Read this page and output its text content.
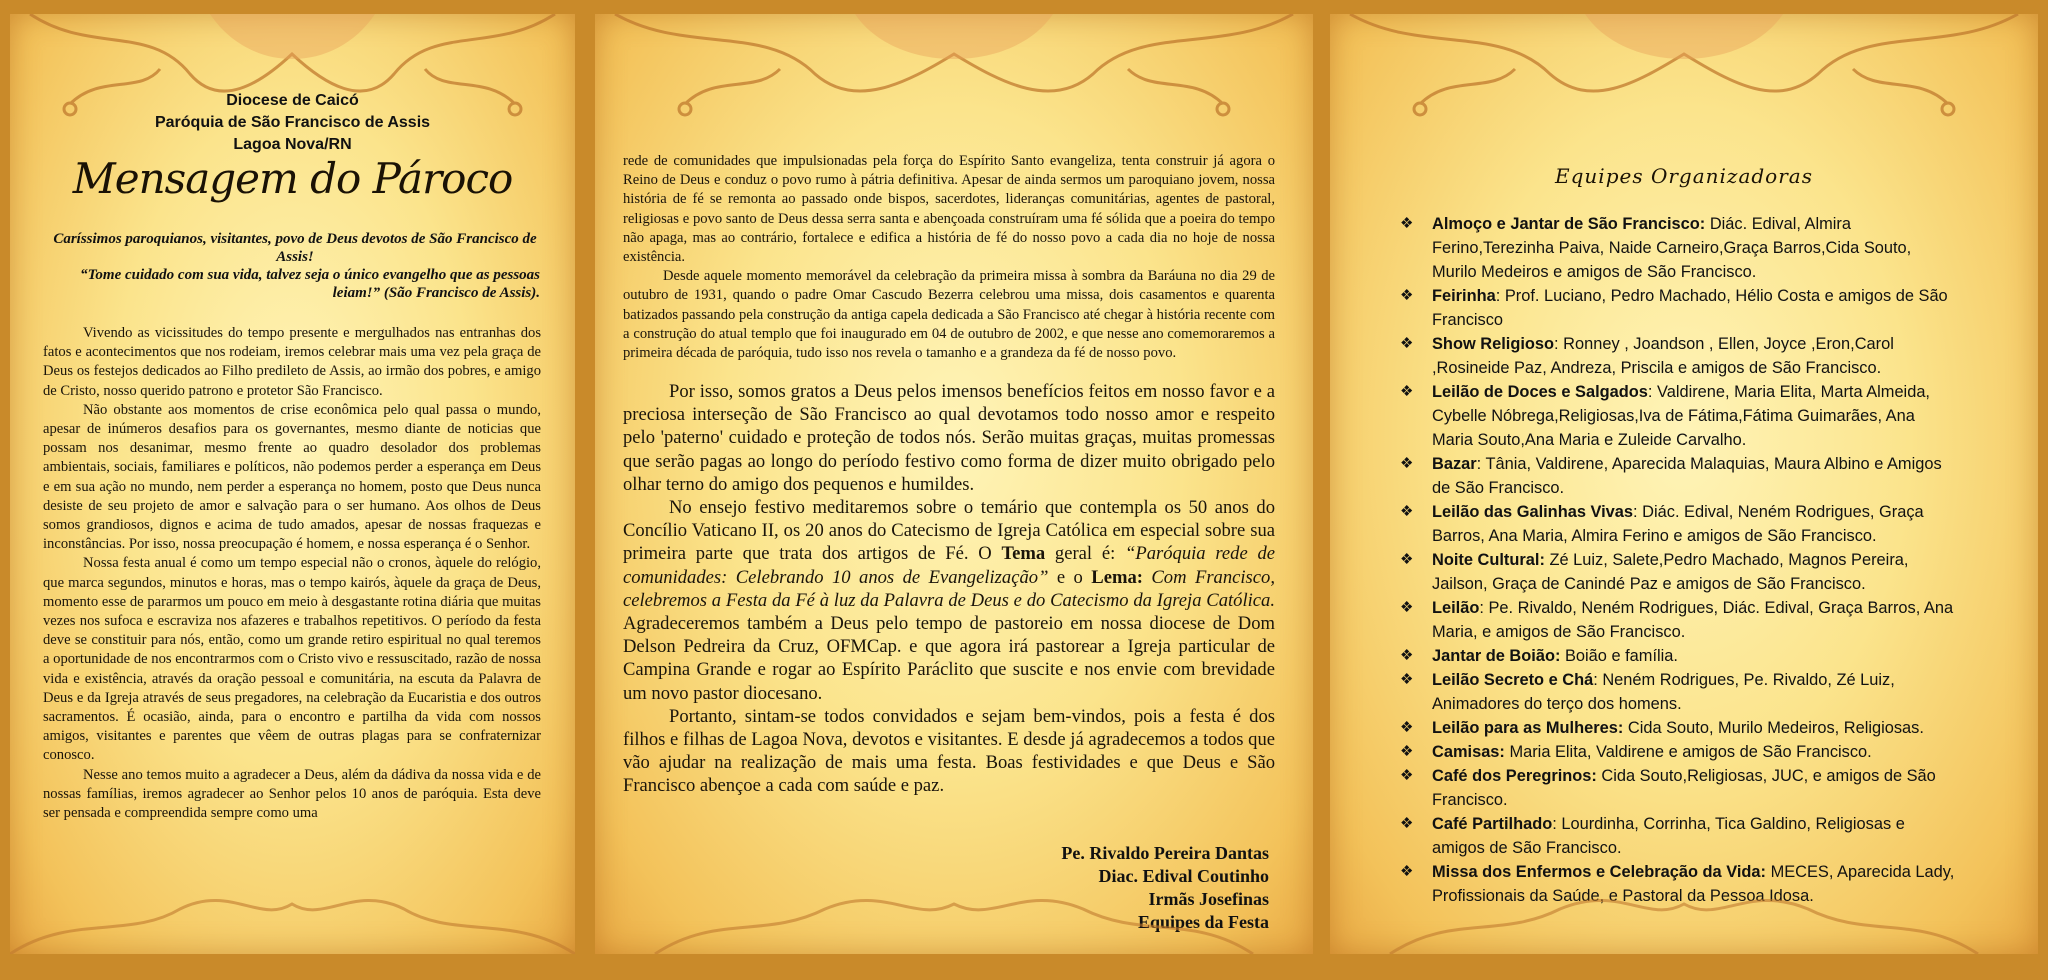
Diocese de Caicó
Paróquia de São Francisco de Assis
Lagoa Nova/RN
Mensagem do Pároco
Caríssimos paroquianos, visitantes, povo de Deus devotos de São Francisco de Assis!
“Tome cuidado com sua vida, talvez seja o único evangelho que as pessoas leiam!” (São Francisco de Assis).

Vivendo as vicissitudes do tempo presente e mergulhados nas entranhas dos fatos e acontecimentos que nos rodeiam, iremos celebrar mais uma vez pela graça de Deus os festejos dedicados ao Filho predileto de Assis, ao irmão dos pobres, e amigo de Cristo, nosso querido patrono e protetor São Francisco.

Não obstante aos momentos de crise econômica pelo qual passa o mundo, apesar de inúmeros desafios para os governantes, mesmo diante de noticias que possam nos desanimar, mesmo frente ao quadro desolador dos problemas ambientais, sociais, familiares e políticos, não podemos perder a esperança em Deus e em sua ação no mundo, nem perder a esperança no homem, posto que Deus nunca desiste de seu projeto de amor e salvação para o ser humano. Aos olhos de Deus somos grandiosos, dignos e acima de tudo amados, apesar de nossas fraquezas e inconstâncias. Por isso, nossa preocupação é homem, e nossa esperança é o Senhor.

Nossa festa anual é como um tempo especial não o cronos, àquele do relógio, que marca segundos, minutos e horas, mas o tempo kairós, àquele da graça de Deus, momento esse de pararmos um pouco em meio à desgastante rotina diária que muitas vezes nos sufoca e escraviza nos afazeres e trabalhos repetitivos. O período da festa deve se constituir para nós, então, como um grande retiro espiritual no qual teremos a oportunidade de nos encontrarmos com o Cristo vivo e ressuscitado, razão de nossa vida e existência, através da oração pessoal e comunitária, na escuta da Palavra de Deus e da Igreja através de seus pregadores, na celebração da Eucaristia e dos outros sacramentos. É ocasião, ainda, para o encontro e partilha da vida com nossos amigos, visitantes e parentes que vêem de outras plagas para se confraternizar conosco.

Nesse ano temos muito a agradecer a Deus, além da dádiva da nossa vida e de nossas famílias, iremos agradecer ao Senhor pelos 10 anos de paróquia. Esta deve ser pensada e compreendida sempre como uma

rede de comunidades que impulsionadas pela força do Espírito Santo evangeliza, tenta construir já agora o Reino de Deus e conduz o povo rumo à pátria definitiva. Apesar de ainda sermos um paroquiano jovem, nossa história de fé se remonta ao passado onde bispos, sacerdotes, lideranças comunitárias, agentes de pastoral, religiosas e povo santo de Deus dessa serra santa e abençoada construíram uma fé sólida que a poeira do tempo não apaga, mas ao contrário, fortalece e edifica a história de fé do nosso povo a cada dia no hoje de nossa existência.

Desde aquele momento memorável da celebração da primeira missa à sombra da Baráuna no dia 29 de outubro de 1931, quando o padre Omar Cascudo Bezerra celebrou uma missa, dois casamentos e quarenta batizados passando pela construção da antiga capela dedicada a São Francisco até chegar à história recente com a construção do atual templo que foi inaugurado em 04 de outubro de 2002, e que nesse ano comemoraremos a primeira década de paróquia, tudo isso nos revela o tamanho e a grandeza da fé de nosso povo.

Por isso, somos gratos a Deus pelos imensos benefícios feitos em nosso favor e a preciosa interseção de São Francisco ao qual devotamos todo nosso amor e respeito pelo 'paterno' cuidado e proteção de todos nós. Serão muitas graças, muitas promessas que serão pagas ao longo do período festivo como forma de dizer muito obrigado pelo olhar terno do amigo dos pequenos e humildes.

No ensejo festivo meditaremos sobre o temário que contempla os 50 anos do Concílio Vaticano II, os 20 anos do Catecismo de Igreja Católica em especial sobre sua primeira parte que trata dos artigos de Fé. O Tema geral é: “Paróquia rede de comunidades: Celebrando 10 anos de Evangelização” e o Lema: Com Francisco, celebremos a Festa da Fé à luz da Palavra de Deus e do Catecismo da Igreja Católica. Agradeceremos também a Deus pelo tempo de pastoreio em nossa diocese de Dom Delson Pedreira da Cruz, OFMCap. e que agora irá pastorear a Igreja particular de Campina Grande e rogar ao Espírito Paráclito que suscite e nos envie com brevidade um novo pastor diocesano.

Portanto, sintam-se todos convidados e sejam bem-vindos, pois a festa é dos filhos e filhas de Lagoa Nova, devotos e visitantes. E desde já agradecemos a todos que vão ajudar na realização de mais uma festa. Boas festividades e que Deus e São Francisco abençoe a cada com saúde e paz.

Pe. Rivaldo Pereira Dantas
Diac. Edival Coutinho
Irmãs Josefinas
Equipes da Festa
Equipes Organizadoras
❖ Almoço e Jantar de São Francisco: Diác. Edival, Almira Ferino,Terezinha Paiva, Naide Carneiro,Graça Barros,Cida Souto, Murilo Medeiros e amigos de São Francisco.
❖ Feirinha: Prof. Luciano, Pedro Machado, Hélio Costa e amigos de São Francisco
❖ Show Religioso: Ronney , Joandson , Ellen, Joyce ,Eron,Carol ,Rosineide Paz, Andreza, Priscila e amigos de São Francisco.
❖ Leilão de Doces e Salgados: Valdirene, Maria Elita, Marta Almeida, Cybelle Nóbrega,Religiosas,Iva de Fátima,Fátima Guimarães, Ana Maria Souto,Ana Maria e Zuleide Carvalho.
❖ Bazar: Tânia, Valdirene, Aparecida Malaquias, Maura Albino e Amigos de São Francisco.
❖ Leilão das Galinhas Vivas: Diác. Edival, Neném Rodrigues, Graça Barros, Ana Maria, Almira Ferino e amigos de São Francisco.
❖ Noite Cultural: Zé Luiz, Salete,Pedro Machado, Magnos Pereira, Jailson, Graça de Canindé Paz e amigos de São Francisco.
❖ Leilão: Pe. Rivaldo, Neném Rodrigues, Diác. Edival, Graça Barros, Ana Maria, e amigos de São Francisco.
❖ Jantar de Boião: Boião e família.
❖ Leilão Secreto e Chá: Neném Rodrigues, Pe. Rivaldo, Zé Luiz, Animadores do terço dos homens.
❖ Leilão para as Mulheres: Cida Souto, Murilo Medeiros, Religiosas.
❖ Camisas: Maria Elita, Valdirene e amigos de São Francisco.
❖ Café dos Peregrinos: Cida Souto,Religiosas, JUC, e amigos de São Francisco.
❖ Café Partilhado: Lourdinha, Corrinha, Tica Galdino, Religiosas e amigos de São Francisco.
❖ Missa dos Enfermos e Celebração da Vida: MECES, Aparecida Lady, Profissionais da Saúde, e Pastoral da Pessoa Idosa.
